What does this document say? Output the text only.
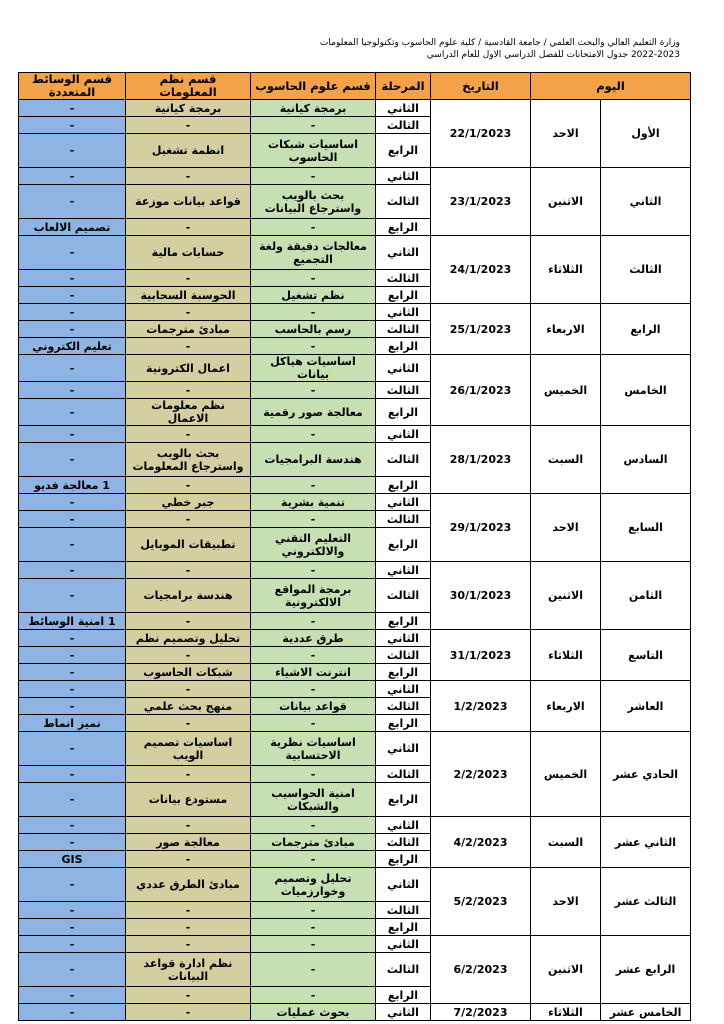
وزارة التعليم العالي والبحث العلمي / جامعة القادسية / كلية علوم الحاسوب وتكنولوجيا المعلومات
2022-2023 جدول الامتحانات للفصل الدراسي الاول للعام الدراسي
اليوم		التاريخ	المرحلة	قسم علوم الحاسوب	قسم نظم المعلومات	قسم الوسائط المتعددة
الأول	الاحد	22/1/2023	الثاني	برمجة كيانية	برمجة كيانية	-
			الثالث	-	-	-
			الرابع	اساسيات شبكات الحاسوب	انظمة تشغيل	-
الثاني	الاثنين	23/1/2023	الثاني	-	-	-
			الثالث	بحث بالويب واسترجاع البيانات	قواعد بيانات موزعة	-
			الرابع	-	-	تصميم الالعاب
الثالث	الثلاثاء	24/1/2023	الثاني	معالجات دقيقة ولغة التجميع	حسابات مالية	-
			الثالث	-	-	-
			الرابع	نظم تشغيل	الحوسبة السحابية	-
الرابع	الاربعاء	25/1/2023	الثاني	-	-	-
			الثالث	رسم بالحاسب	مبادئ مترجمات	-
			الرابع	-	-	تعليم الكتروني
الخامس	الخميس	26/1/2023	الثاني	اساسيات هياكل بيانات	اعمال الكترونية	-
			الثالث	-	-	-
			الرابع	معالجة صور رقمية	نظم معلومات الاعمال	-
السادس	السبت	28/1/2023	الثاني	-	-	-
			الثالث	هندسة البرامجيات	بحث بالويب واسترجاع المعلومات	-
			الرابع	-	-	1 معالجة فديو
السابع	الاحد	29/1/2023	الثاني	تنمية بشرية	جبر خطي	-
			الثالث	-	-	-
			الرابع	التعليم التقني والالكتروني	تطبيقات الموبايل	-
الثامن	الاثنين	30/1/2023	الثاني	-	-	-
			الثالث	برمجة المواقع الالكترونية	هندسة برامجيات	-
			الرابع	-	-	1 امنية الوسائط
التاسع	الثلاثاء	31/1/2023	الثاني	طرق عددية	تحليل وتصميم نظم	-
			الثالث	-	-	-
			الرابع	انترنت الاشياء	شبكات الحاسوب	-
العاشر	الاربعاء	1/2/2023	الثاني	-	-	-
			الثالث	قواعد بيانات	منهج بحث علمي	-
			الرابع	-	-	تميز انماط
الحادي عشر	الخميس	2/2/2023	الثاني	اساسيات نظرية الاحتسابية	اساسيات تصميم الويب	-
			الثالث	-	-	-
			الرابع	امنية الحواسيب والشبكات	مستودع بيانات	-
الثاني عشر	السبت	4/2/2023	الثاني	-	-	-
			الثالث	مبادئ مترجمات	معالجة صور	-
			الرابع	-	-	GIS
الثالث عشر	الاحد	5/2/2023	الثاني	تحليل وتصميم وخوارزميات	مبادئ الطرق عددي	-
			الثالث	-	-	-
			الرابع	-	-	-
الرابع عشر	الاثنين	6/2/2023	الثاني	-	-	-
			الثالث	-	نظم ادارة قواعد البيانات	-
			الرابع	-	-	-
الخامس عشر	الثلاثاء	7/2/2023	الثاني	بحوث عمليات	-	-
